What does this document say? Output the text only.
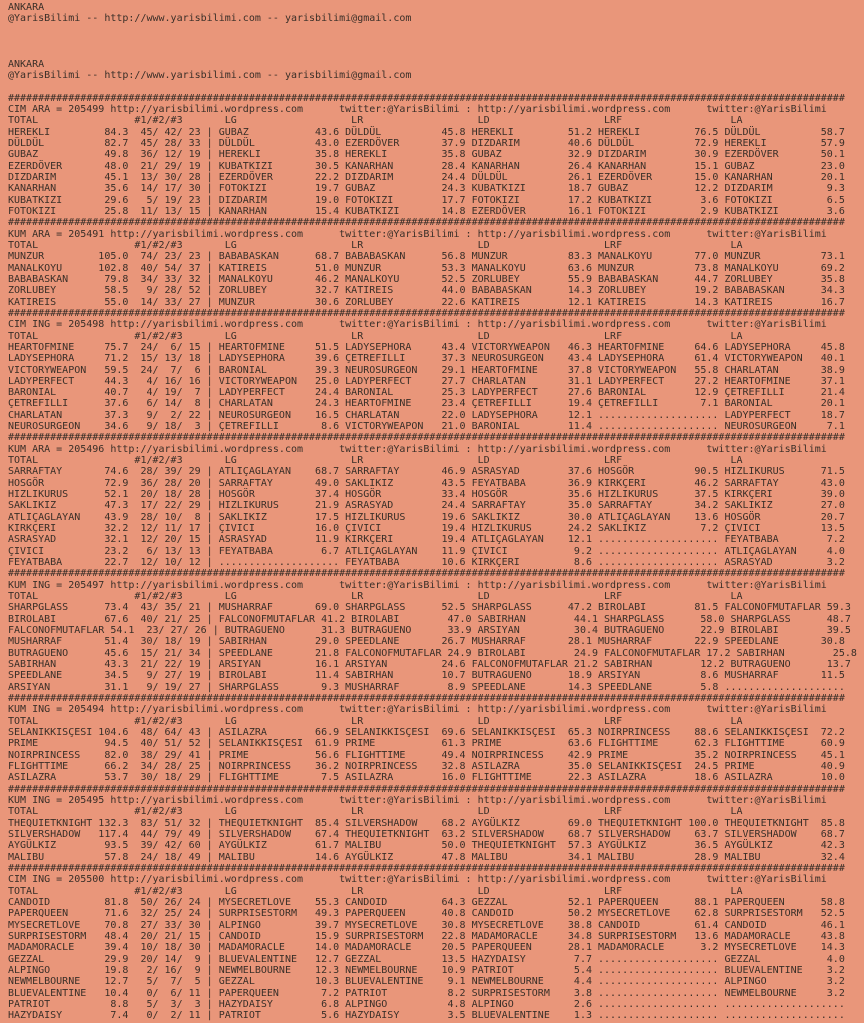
ANKARA
@YarisBilimi -- http://www.yarisbilimi.com -- yarisbilimi@gmail.com

ANKARA
@YarisBilimi -- http://www.yarisbilimi.com -- yarisbilimi@gmail.com

###########################################################################################################################################
CIM ARA = 205499 http://yarisbilimi.wordpress.com      twitter:@YarisBilimi : http://yarisbilimi.wordpress.com      twitter:@YarisBilimi
TOTAL                #1/#2/#3       LG                   LR                   LD                   LRF                  LA
HEREKLI         84.3  45/ 42/ 23 | GUBAZ           43.6 DÜLDÜL          45.8 HEREKLI         51.2 HEREKLI         76.5 DÜLDÜL          58.7
DÜLDÜL          82.7  45/ 28/ 33 | DÜLDÜL          43.0 EZERDÖVER       37.9 DIZDARIM        40.6 DÜLDÜL          72.9 HEREKLI         57.9
GUBAZ           49.8  36/ 12/ 19 | HEREKLI         35.8 HEREKLI         35.8 GUBAZ           32.9 DIZDARIM        30.9 EZERDÖVER       50.1
EZERDÖVER       48.0  21/ 29/ 19 | KUBATKIZI       30.5 KANARHAN        28.4 KANARHAN        26.4 KANARHAN        15.1 GUBAZ           23.0
DIZDARIM        45.1  13/ 30/ 28 | EZERDÖVER       22.2 DIZDARIM        24.4 DÜLDÜL          26.1 EZERDÖVER       15.0 KANARHAN        20.1
KANARHAN        35.6  14/ 17/ 30 | FOTOKIZI        19.7 GUBAZ           24.3 KUBATKIZI       18.7 GUBAZ           12.2 DIZDARIM         9.3
KUBATKIZI       29.6   5/ 19/ 23 | DIZDARIM        19.0 FOTOKIZI        17.7 FOTOKIZI        17.2 KUBATKIZI        3.6 FOTOKIZI         6.5
FOTOKIZI        25.8  11/ 13/ 15 | KANARHAN        15.4 KUBATKIZI       14.8 EZERDÖVER       16.1 FOTOKIZI         2.9 KUBATKIZI        3.6
###########################################################################################################################################
KUM ARA = 205491 http://yarisbilimi.wordpress.com      twitter:@YarisBilimi : http://yarisbilimi.wordpress.com      twitter:@YarisBilimi
TOTAL                #1/#2/#3       LG                   LR                   LD                   LRF                  LA
MUNZUR         105.0  74/ 23/ 23 | BABABASKAN      68.7 BABABASKAN      56.8 MUNZUR          83.3 MANALKOYU       77.0 MUNZUR          73.1
MANALKOYU      102.8  40/ 54/ 37 | KATIREIS        51.0 MUNZUR          53.3 MANALKOYU       63.6 MUNZUR          73.8 MANALKOYU       69.2
BABABASKAN      79.8  34/ 33/ 32 | MANALKOYU       46.2 MANALKOYU       52.5 ZORLUBEY        55.9 BABABASKAN      44.7 ZORLUBEY        35.8
ZORLUBEY        58.5   9/ 28/ 52 | ZORLUBEY        32.7 KATIREIS        44.0 BABABASKAN      14.3 ZORLUBEY        19.2 BABABASKAN      34.3
KATIREIS        55.0  14/ 33/ 27 | MUNZUR          30.6 ZORLUBEY        22.6 KATIREIS        12.1 KATIREIS        14.3 KATIREIS        16.7
###########################################################################################################################################
CIM ING = 205498 http://yarisbilimi.wordpress.com      twitter:@YarisBilimi : http://yarisbilimi.wordpress.com      twitter:@YarisBilimi
TOTAL                #1/#2/#3       LG                   LR                   LD                   LRF                  LA
HEARTOFMINE     75.7  24/  6/ 15 | HEARTOFMINE     51.5 LADYSEPHORA     43.4 VICTORYWEAPON   46.3 HEARTOFMINE     64.6 LADYSEPHORA     45.8
LADYSEPHORA     71.2  15/ 13/ 18 | LADYSEPHORA     39.6 ÇETREFILLI      37.3 NEUROSURGEON    43.4 LADYSEPHORA     61.4 VICTORYWEAPON   40.1
VICTORYWEAPON   59.5  24/  7/  6 | BARONIAL        39.3 NEUROSURGEON    29.1 HEARTOFMINE     37.8 VICTORYWEAPON   55.8 CHARLATAN       38.9
LADYPERFECT     44.3   4/ 16/ 16 | VICTORYWEAPON   25.0 LADYPERFECT     27.7 CHARLATAN       31.1 LADYPERFECT     27.2 HEARTOFMINE     37.1
BARONIAL        40.7   4/ 19/  7 | LADYPERFECT     24.4 BARONIAL        25.3 LADYPERFECT     27.6 BARONIAL        12.9 ÇETREFILLI      21.4
ÇETREFILLI      37.6   6/ 14/  8 | CHARLATAN       24.3 HEARTOFMINE     23.4 ÇETREFILLI      19.4 ÇETREFILLI       7.1 BARONIAL        20.1
CHARLATAN       37.3   9/  2/ 22 | NEUROSURGEON    16.5 CHARLATAN       22.0 LADYSEPHORA     12.1 .................... LADYPERFECT     18.7
NEUROSURGEON    34.6   9/ 18/  3 | ÇETREFILLI       8.6 VICTORYWEAPON   21.0 BARONIAL        11.4 .................... NEUROSURGEON     7.1
###########################################################################################################################################
KUM ARA = 205496 http://yarisbilimi.wordpress.com      twitter:@YarisBilimi : http://yarisbilimi.wordpress.com      twitter:@YarisBilimi
TOTAL                #1/#2/#3       LG                   LR                   LD                   LRF                  LA
SARRAFTAY       74.6  28/ 39/ 29 | ATLIÇAGLAYAN    68.7 SARRAFTAY       46.9 ASRASYAD        37.6 HOSGÖR          90.5 HIZLIKURUS      71.5
HOSGÖR          72.9  36/ 28/ 20 | SARRAFTAY       49.0 SAKLIKIZ        43.5 FEYATBABA       36.9 KIRKÇERI        46.2 SARRAFTAY       43.0
HIZLIKURUS      52.1  20/ 18/ 28 | HOSGÖR          37.4 HOSGÖR          33.4 HOSGÖR          35.6 HIZLIKURUS      37.5 KIRKÇERI        39.0
SAKLIKIZ        47.3  17/ 22/ 29 | HIZLIKURUS      21.9 ASRASYAD        24.4 SARRAFTAY       35.0 SARRAFTAY       34.2 SAKLIKIZ        27.0
ATLIÇAGLAYAN    43.9  28/ 10/  8 | SAKLIKIZ        17.5 HIZLIKURUS      19.6 SAKLIKIZ        30.0 ATLIÇAGLAYAN    13.6 HOSGÖR          20.7
KIRKÇERI        32.2  12/ 11/ 17 | ÇIVICI          16.0 ÇIVICI          19.4 HIZLIKURUS      24.2 SAKLIKIZ         7.2 ÇIVICI          13.5
ASRASYAD        32.1  12/ 20/ 15 | ASRASYAD        11.9 KIRKÇERI        19.4 ATLIÇAGLAYAN    12.1 .................... FEYATBABA        7.2
ÇIVICI          23.2   6/ 13/ 13 | FEYATBABA        6.7 ATLIÇAGLAYAN    11.9 ÇIVICI           9.2 .................... ATLIÇAGLAYAN     4.0
FEYATBABA       22.7  12/ 10/ 12 | .................... FEYATBABA       10.6 KIRKÇERI         8.6 .................... ASRASYAD         3.2
###########################################################################################################################################
KUM ING = 205497 http://yarisbilimi.wordpress.com      twitter:@YarisBilimi : http://yarisbilimi.wordpress.com      twitter:@YarisBilimi
TOTAL                #1/#2/#3       LG                   LR                   LD                   LRF                  LA
SHARPGLASS      73.4  43/ 35/ 21 | MUSHARRAF       69.0 SHARPGLASS      52.5 SHARPGLASS      47.2 BIROLABI        81.5 FALCONOFMUTAFLAR 59.3
BIROLABI        67.6  40/ 21/ 25 | FALCONOFMUTAFLAR 41.2 BIROLABI        47.0 SABIRHAN        44.1 SHARPGLASS      58.0 SHARPGLASS      48.7
FALCONOFMUTAFLAR 54.1  23/ 27/ 26 | BUTRAGUENO      31.3 BUTRAGUENO      33.9 ARSIYAN         30.4 BUTRAGUENO      22.9 BIROLABI        39.5
MUSHARRAF       51.4  30/ 18/ 19 | SABIRHAN        29.0 SPEEDLANE       26.7 MUSHARRAF       28.1 MUSHARRAF       22.9 SPEEDLANE       30.8
BUTRAGUENO      45.6  15/ 21/ 34 | SPEEDLANE       21.8 FALCONOFMUTAFLAR 24.9 BIROLABI        24.9 FALCONOFMUTAFLAR 17.2 SABIRHAN        25.8
SABIRHAN        43.3  21/ 22/ 19 | ARSIYAN         16.1 ARSIYAN         24.6 FALCONOFMUTAFLAR 21.2 SABIRHAN        12.2 BUTRAGUENO      13.7
SPEEDLANE       34.5   9/ 27/ 19 | BIROLABI        11.4 SABIRHAN        10.7 BUTRAGUENO      18.9 ARSIYAN          8.6 MUSHARRAF       11.5
ARSIYAN         31.1   9/ 19/ 27 | SHARPGLASS       9.3 MUSHARRAF        8.9 SPEEDLANE       14.3 SPEEDLANE        5.8 ....................
###########################################################################################################################################
KUM ING = 205494 http://yarisbilimi.wordpress.com      twitter:@YarisBilimi : http://yarisbilimi.wordpress.com      twitter:@YarisBilimi
TOTAL                #1/#2/#3       LG                   LR                   LD                   LRF                  LA
SELANIKKISÇESI 104.6  48/ 64/ 43 | ASILAZRA        66.9 SELANIKKISÇESI  69.6 SELANIKKISÇESI  65.3 NOIRPRINCESS    88.6 SELANIKKISÇESI  72.2
PRIME           94.5  40/ 51/ 52 | SELANIKKISÇESI  61.9 PRIME           61.3 PRIME           63.6 FLIGHTTIME      62.3 FLIGHTTIME      60.9
NOIRPRINCESS    82.0  38/ 29/ 41 | PRIME           56.6 FLIGHTTIME      49.4 NOIRPRINCESS    42.9 PRIME           35.2 NOIRPRINCESS    45.1
FLIGHTTIME      66.2  34/ 28/ 25 | NOIRPRINCESS    36.2 NOIRPRINCESS    32.8 ASILAZRA        35.0 SELANIKKISÇESI  24.5 PRIME           40.9
ASILAZRA        53.7  30/ 18/ 29 | FLIGHTTIME       7.5 ASILAZRA        16.0 FLIGHTTIME      22.3 ASILAZRA        18.6 ASILAZRA        10.0
###########################################################################################################################################
KUM ING = 205495 http://yarisbilimi.wordpress.com      twitter:@YarisBilimi : http://yarisbilimi.wordpress.com      twitter:@YarisBilimi
TOTAL                #1/#2/#3       LG                   LR                   LD                   LRF                  LA
THEQUIETKNIGHT 132.3  83/ 51/ 32 | THEQUIETKNIGHT  85.4 SILVERSHADOW    68.2 AYGÜLKIZ        69.0 THEQUIETKNIGHT 100.0 THEQUIETKNIGHT  85.8
SILVERSHADOW   117.4  44/ 79/ 49 | SILVERSHADOW    67.4 THEQUIETKNIGHT  63.2 SILVERSHADOW    68.7 SILVERSHADOW    63.7 SILVERSHADOW    68.7
AYGÜLKIZ        93.5  39/ 42/ 60 | AYGÜLKIZ        61.7 MALIBU          50.0 THEQUIETKNIGHT  57.3 AYGÜLKIZ        36.5 AYGÜLKIZ        42.3
MALIBU          57.8  24/ 18/ 49 | MALIBU          14.6 AYGÜLKIZ        47.8 MALIBU          34.1 MALIBU          28.9 MALIBU          32.4
###########################################################################################################################################
CIM ING = 205500 http://yarisbilimi.wordpress.com      twitter:@YarisBilimi : http://yarisbilimi.wordpress.com      twitter:@YarisBilimi
TOTAL                #1/#2/#3       LG                   LR                   LD                   LRF                  LA
CANDOID         81.8  50/ 26/ 24 | MYSECRETLOVE    55.3 CANDOID         64.3 GEZZAL          52.1 PAPERQUEEN      88.1 PAPERQUEEN      58.8
PAPERQUEEN      71.6  32/ 25/ 24 | SURPRISESTORM   49.3 PAPERQUEEN      40.8 CANDOID         50.2 MYSECRETLOVE    62.8 SURPRISESTORM   52.5
MYSECRETLOVE    70.8  27/ 33/ 30 | ALPINGO         39.7 MYSECRETLOVE    30.8 MYSECRETLOVE    38.8 CANDOID         61.4 CANDOID         46.1
SURPRISESTORM   48.4  20/ 21/ 15 | CANDOID         15.9 SURPRISESTORM   22.8 MADAMORACLE     34.8 SURPRISESTORM   13.6 MADAMORACLE     43.8
MADAMORACLE     39.4  10/ 18/ 30 | MADAMORACLE     14.0 MADAMORACLE     20.5 PAPERQUEEN      28.1 MADAMORACLE      3.2 MYSECRETLOVE    14.3
GEZZAL          29.9  20/ 14/  9 | BLUEVALENTINE   12.7 GEZZAL          13.5 HAZYDAISY        7.7 .................... GEZZAL           4.0
ALPINGO         19.8   2/ 16/  9 | NEWMELBOURNE    12.3 NEWMELBOURNE    10.9 PATRIOT          5.4 .................... BLUEVALENTINE    3.2
NEWMELBOURNE    12.7   5/  7/  5 | GEZZAL          10.3 BLUEVALENTINE    9.1 NEWMELBOURNE     4.4 .................... ALPINGO          3.2
BLUEVALENTINE   10.4   0/  6/ 11 | PAPERQUEEN       7.2 PATRIOT          8.2 SURPRISESTORM    3.8 .................... NEWMELBOURNE     3.2
PATRIOT          8.8   5/  3/  3 | HAZYDAISY        6.8 ALPINGO          4.8 ALPINGO          2.6 .................... ....................
HAZYDAISY        7.4   0/  2/ 11 | PATRIOT          5.6 HAZYDAISY        3.5 BLUEVALENTINE    1.3 .................... ....................
